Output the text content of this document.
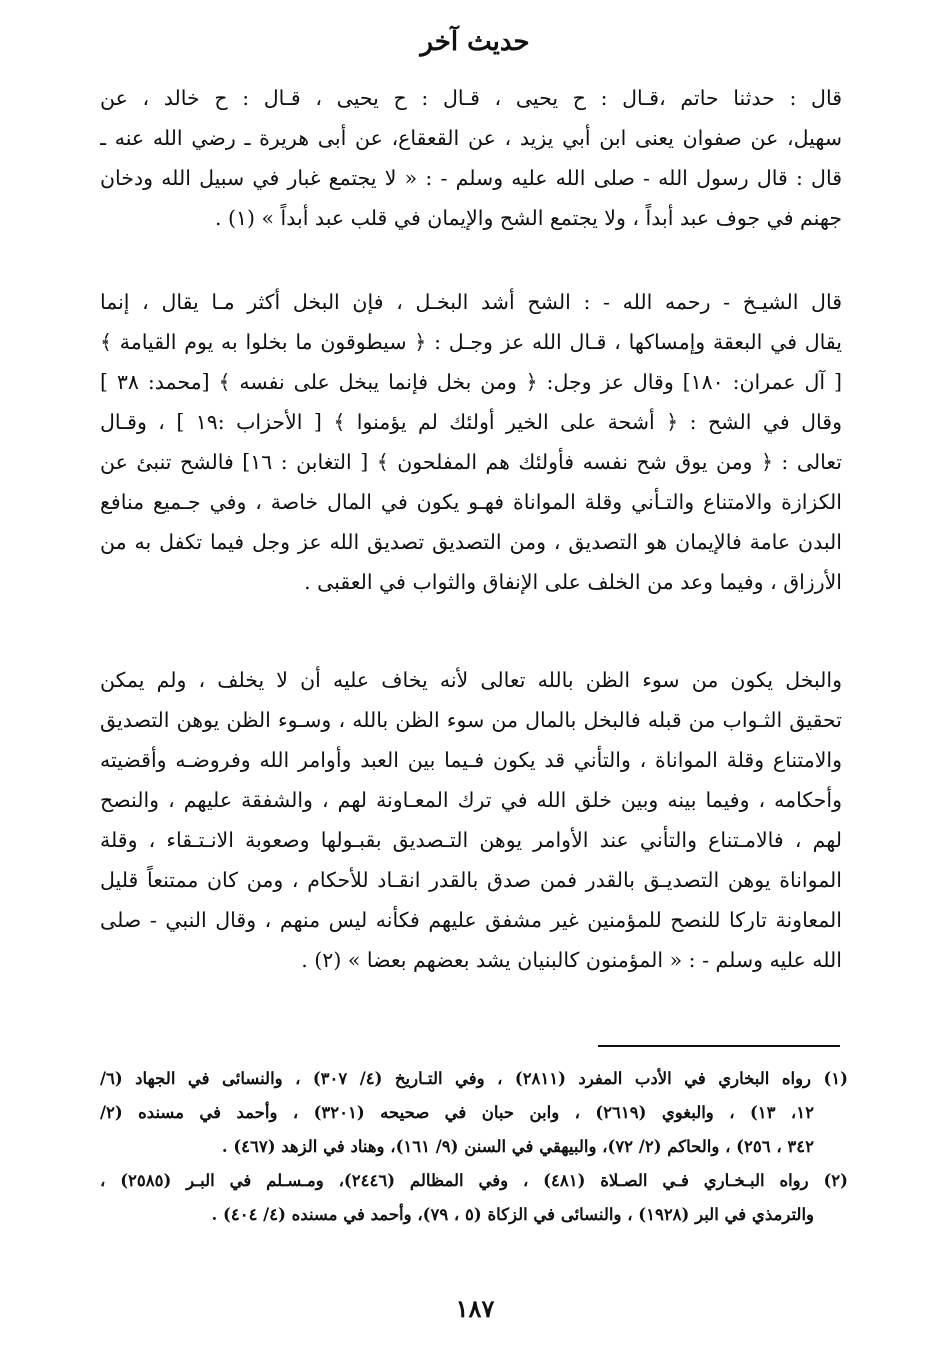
حديث آخر
قال : حدثنا حاتم ،قـال : ح يحيى ، قـال : ح يحيى ، قـال : ح خالد ، عن
سهيل، عن صفوان يعنى ابن أبي يزيد ، عن القعقاع، عن أبى هريرة ـ رضي الله عنه ـ
قال : قال رسول الله - صلى الله عليه وسلم - : « لا يجتمع غبار في سبيل الله ودخان
جهنم في جوف عبد أبداً ، ولا يجتمع الشح والإيمان في قلب عبد أبداً » (١) .
قال الشيـخ - رحمه الله - : الشح أشد البخـل ، فإن البخل أكثر مـا يقال ، إنما
يقال في البعقة وإمساكها ، قـال الله عز وجـل : ﴿ سيطوقون ما بخلوا به يوم القيامة ﴾
[ آل عمران: ١٨٠] وقال عز وجل: ﴿ ومن بخل فإنما يبخل على نفسه ﴾ [محمد: ٣٨ ]
وقال في الشح : ﴿ أشحة على الخير أولئك لم يؤمنوا ﴾ [ الأحزاب :١٩ ] ، وقـال
تعالى : ﴿ ومن يوق شح نفسه فأولئك هم المفلحون ﴾ [ التغابن : ١٦] فالشح تنبئ عن
الكزازة والامتناع والتـأني وقلة المواناة فهـو يكون في المال خاصة ، وفي جـميع منافع
البدن عامة فالإيمان هو التصديق ، ومن التصديق تصديق الله عز وجل فيما تكفل به من
الأرزاق ، وفيما وعد من الخلف على الإنفاق والثواب في العقبى .
والبخل يكون من سوء الظن بالله تعالى لأنه يخاف عليه أن لا يخلف ، ولم يمكن
تحقيق الثـواب من قبله فالبخل بالمال من سوء الظن بالله ، وسـوء الظن يوهن التصديق
والامتناع وقلة المواناة ، والتأني قد يكون فـيما بين العبد وأوامر الله وفروضـه وأقضيته
وأحكامه ، وفيما بينه وبين خلق الله في ترك المعـاونة لهم ، والشفقة عليهم ، والنصح
لهم ، فالامـتناع والتأني عند الأوامر يوهن التـصديق بقبـولها وصعوبة الانـتـقاء ، وقلة
المواناة يوهن التصديـق بالقدر فمن صدق بالقدر انقـاد للأحكام ، ومن كان ممتنعاً قليل
المعاونة تاركا للنصح للمؤمنين غير مشفق عليهم فكأنه ليس منهم ، وقال النبي - صلى
الله عليه وسلم - : « المؤمنون كالبنيان يشد بعضهم بعضا » (٢) .
(١) رواه البخاري في الأدب المفرد (٢٨١١) ، وفي التـاريخ (٤/ ٣٠٧) ، والنسائى في الجهاد (٦/
١٢، ١٣) ، والبغوي (٢٦١٩) ، وابن حبان في صحيحه (٣٢٠١) ، وأحمد في مسنده (٢/
٣٤٢ ، ٢٥٦) ، والحاكم (٢/ ٧٢)، والبيهقي في السنن (٩/ ١٦١)، وهناد في الزهد (٤٦٧) .
(٢) رواه البـخـاري فـي الصـلاة (٤٨١) ، وفي المظالم (٢٤٤٦)، ومـسـلم في البـر (٢٥٨٥) ،
والترمذي في البر (١٩٢٨) ، والنسائى في الزكاة (٥ ، ٧٩)، وأحمد في مسنده (٤/ ٤٠٤) .
١٨٧
